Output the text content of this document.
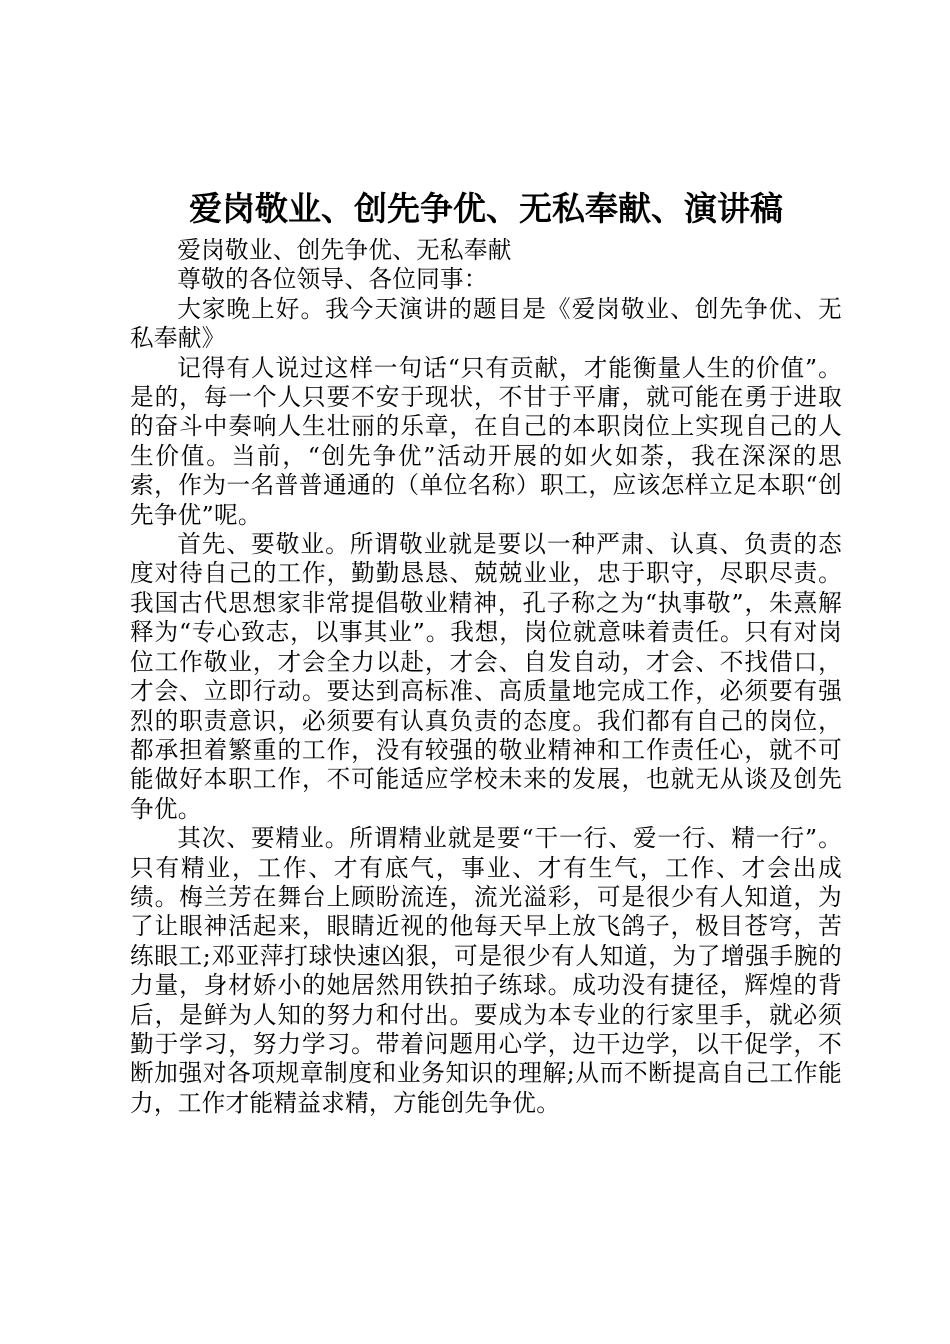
爱岗敬业、创先争优、无私奉献、演讲稿

爱岗敬业、创先争优、无私奉献

尊敬的各位领导、各位同事：

大家晚上好。我今天演讲的题目是《爱岗敬业、创先争优、无私奉献》

记得有人说过这样一句话“只有贡献，才能衡量人生的价值”。是的，每一个人只要不安于现状，不甘于平庸，就可能在勇于进取的奋斗中奏响人生壮丽的乐章，在自己的本职岗位上实现自己的人生价值。当前，“创先争优”活动开展的如火如荼，我在深深的思索，作为一名普普通通的（单位名称）职工，应该怎样立足本职“创先争优”呢。

首先、要敬业。所谓敬业就是要以一种严肃、认真、负责的态度对待自己的工作，勤勤恳恳、兢兢业业，忠于职守，尽职尽责。我国古代思想家非常提倡敬业精神，孔子称之为“执事敬”，朱熹解释为“专心致志，以事其业”。我想，岗位就意味着责任。只有对岗位工作敬业，才会全力以赴，才会、自发自动，才会、不找借口，才会、立即行动。要达到高标准、高质量地完成工作，必须要有强烈的职责意识，必须要有认真负责的态度。我们都有自己的岗位，都承担着繁重的工作，没有较强的敬业精神和工作责任心，就不可能做好本职工作，不可能适应学校未来的发展，也就无从谈及创先争优。

其次、要精业。所谓精业就是要“干一行、爱一行、精一行”。只有精业，工作、才有底气，事业、才有生气，工作、才会出成绩。梅兰芳在舞台上顾盼流连，流光溢彩，可是很少有人知道，为了让眼神活起来，眼睛近视的他每天早上放飞鸽子，极目苍穹，苦练眼工;邓亚萍打球快速凶狠，可是很少有人知道，为了增强手腕的力量，身材娇小的她居然用铁拍子练球。成功没有捷径，辉煌的背后，是鲜为人知的努力和付出。要成为本专业的行家里手，就必须勤于学习，努力学习。带着问题用心学，边干边学，以干促学，不断加强对各项规章制度和业务知识的理解;从而不断提高自己工作能力，工作才能精益求精，方能创先争优。
